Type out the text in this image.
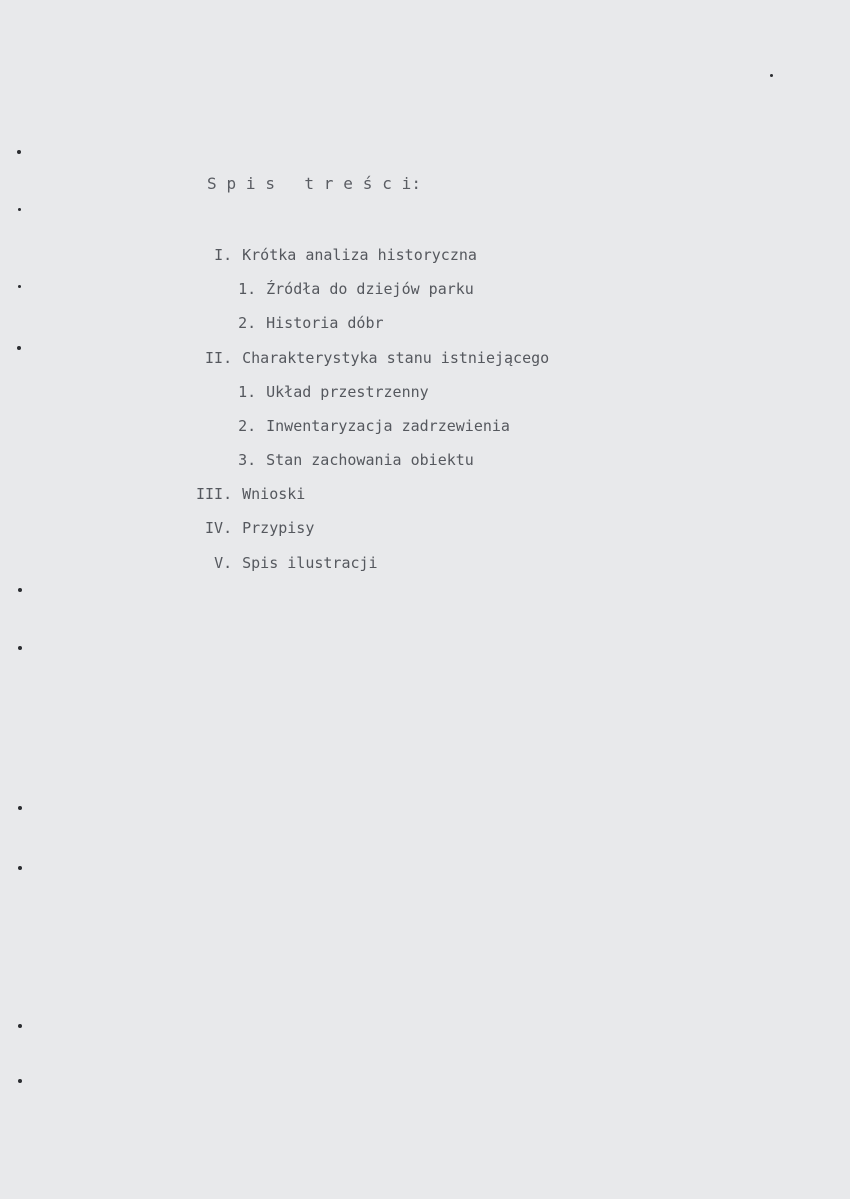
S p i s   t r e ś c i:

I. Krótka analiza historyczna

1. Źródła do dziejów parku

2. Historia dóbr

II. Charakterystyka stanu istniejącego

1. Układ przestrzenny

2. Inwentaryzacja zadrzewienia

3. Stan zachowania obiektu

III. Wnioski

IV. Przypisy

V. Spis ilustracji
